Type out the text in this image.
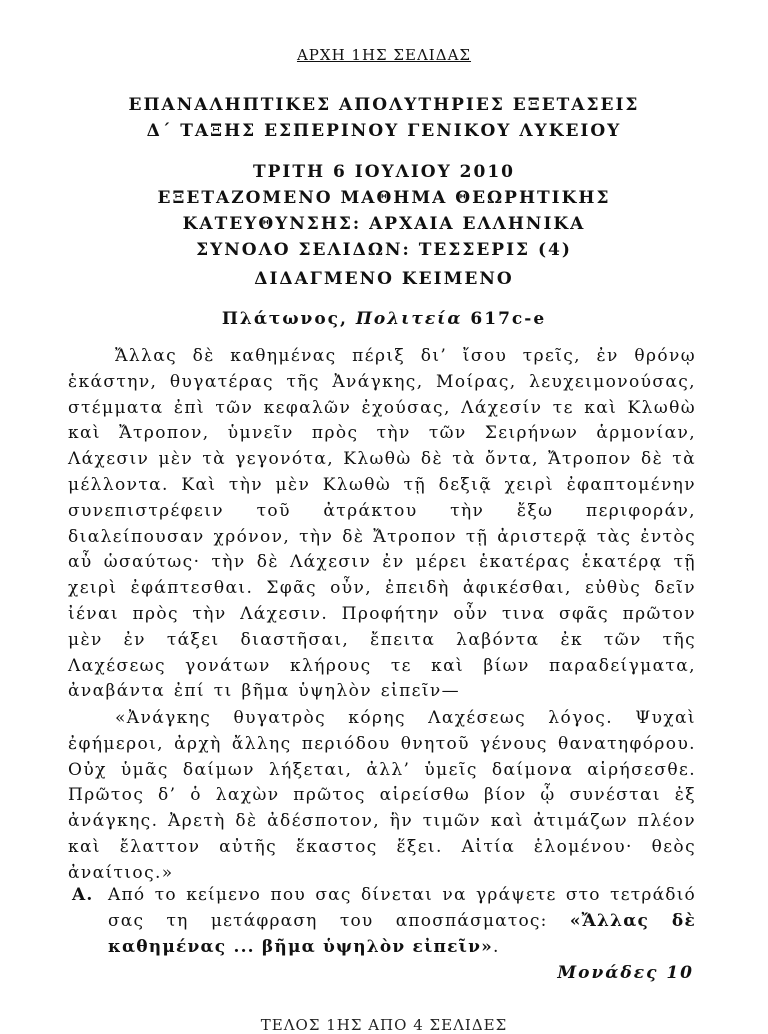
ΑΡΧΗ 1ΗΣ ΣΕΛΙΔΑΣ
ΕΠΑΝΑΛΗΠΤΙΚΕΣ ΑΠΟΛΥΤΗΡΙΕΣ ΕΞΕΤΑΣΕΙΣ
Δ΄ ΤΑΞΗΣ ΕΣΠΕΡΙΝΟΥ ΓΕΝΙΚΟΥ ΛΥΚΕΙΟΥ
ΤΡΙΤΗ 6 ΙΟΥΛΙΟΥ 2010
ΕΞΕΤΑΖΟΜΕΝΟ ΜΑΘΗΜΑ ΘΕΩΡΗΤΙΚΗΣ
ΚΑΤΕΥΘΥΝΣΗΣ: ΑΡΧΑΙΑ ΕΛΛΗΝΙΚΑ
ΣΥΝΟΛΟ ΣΕΛΙΔΩΝ: ΤΕΣΣΕΡΙΣ (4)
ΔΙΔΑΓΜΕΝΟ ΚΕΙΜΕΝΟ
Πλάτωνος, Πολιτεία 617c-e

Ἄλλας δὲ καθημένας πέριξ δι’ ἴσου τρεῖς, ἐν θρόνῳ ἑκάστην, θυγατέρας τῆς Ἀνάγκης, Μοίρας, λευχειμονούσας, στέμματα ἐπὶ τῶν κεφαλῶν ἐχούσας, Λάχεσίν τε καὶ Κλωθὼ καὶ Ἄτροπον, ὑμνεῖν πρὸς τὴν τῶν Σειρήνων ἁρμονίαν, Λάχεσιν μὲν τὰ γεγονότα, Κλωθὼ δὲ τὰ ὄντα, Ἄτροπον δὲ τὰ μέλλοντα. Καὶ τὴν μὲν Κλωθὼ τῇ δεξιᾷ χειρὶ ἐφαπτομένην συνεπιστρέφειν τοῦ ἀτράκτου τὴν ἔξω περιφοράν, διαλείπουσαν χρόνον, τὴν δὲ Ἄτροπον τῇ ἀριστερᾷ τὰς ἐντὸς αὖ ὡσαύτως· τὴν δὲ Λάχεσιν ἐν μέρει ἑκατέρας ἑκατέρᾳ τῇ χειρὶ ἐφάπτεσθαι. Σφᾶς οὖν, ἐπειδὴ ἀφικέσθαι, εὐθὺς δεῖν ἰέναι πρὸς τὴν Λάχεσιν. Προφήτην οὖν τινα σφᾶς πρῶτον μὲν ἐν τάξει διαστῆσαι, ἔπειτα λαβόντα ἐκ τῶν τῆς Λαχέσεως γονάτων κλήρους τε καὶ βίων παραδείγματα, ἀναβάντα ἐπί τι βῆμα ὑψηλὸν εἰπεῖν—

«Ἀνάγκης θυγατρὸς κόρης Λαχέσεως λόγος. Ψυχαὶ ἐφήμεροι, ἀρχὴ ἄλλης περιόδου θνητοῦ γένους θανατηφόρου. Οὐχ ὑμᾶς δαίμων λήξεται, ἀλλ’ ὑμεῖς δαίμονα αἱρήσεσθε. Πρῶτος δ’ ὁ λαχὼν πρῶτος αἱρείσθω βίον ᾧ συνέσται ἐξ ἀνάγκης. Ἀρετὴ δὲ ἀδέσποτον, ἣν τιμῶν καὶ ἀτιμάζων πλέον καὶ ἔλαττον αὐτῆς ἕκαστος ἕξει. Αἰτία ἑλομένου· θεὸς ἀναίτιος.»

Α. Από το κείμενο που σας δίνεται να γράψετε στο τετράδιό σας τη μετάφραση του αποσπάσματος: «Ἄλλας δὲ καθημένας ... βῆμα ὑψηλὸν εἰπεῖν».
Μονάδες 10
ΤΕΛΟΣ 1ΗΣ ΑΠΟ 4 ΣΕΛΙΔΕΣ
